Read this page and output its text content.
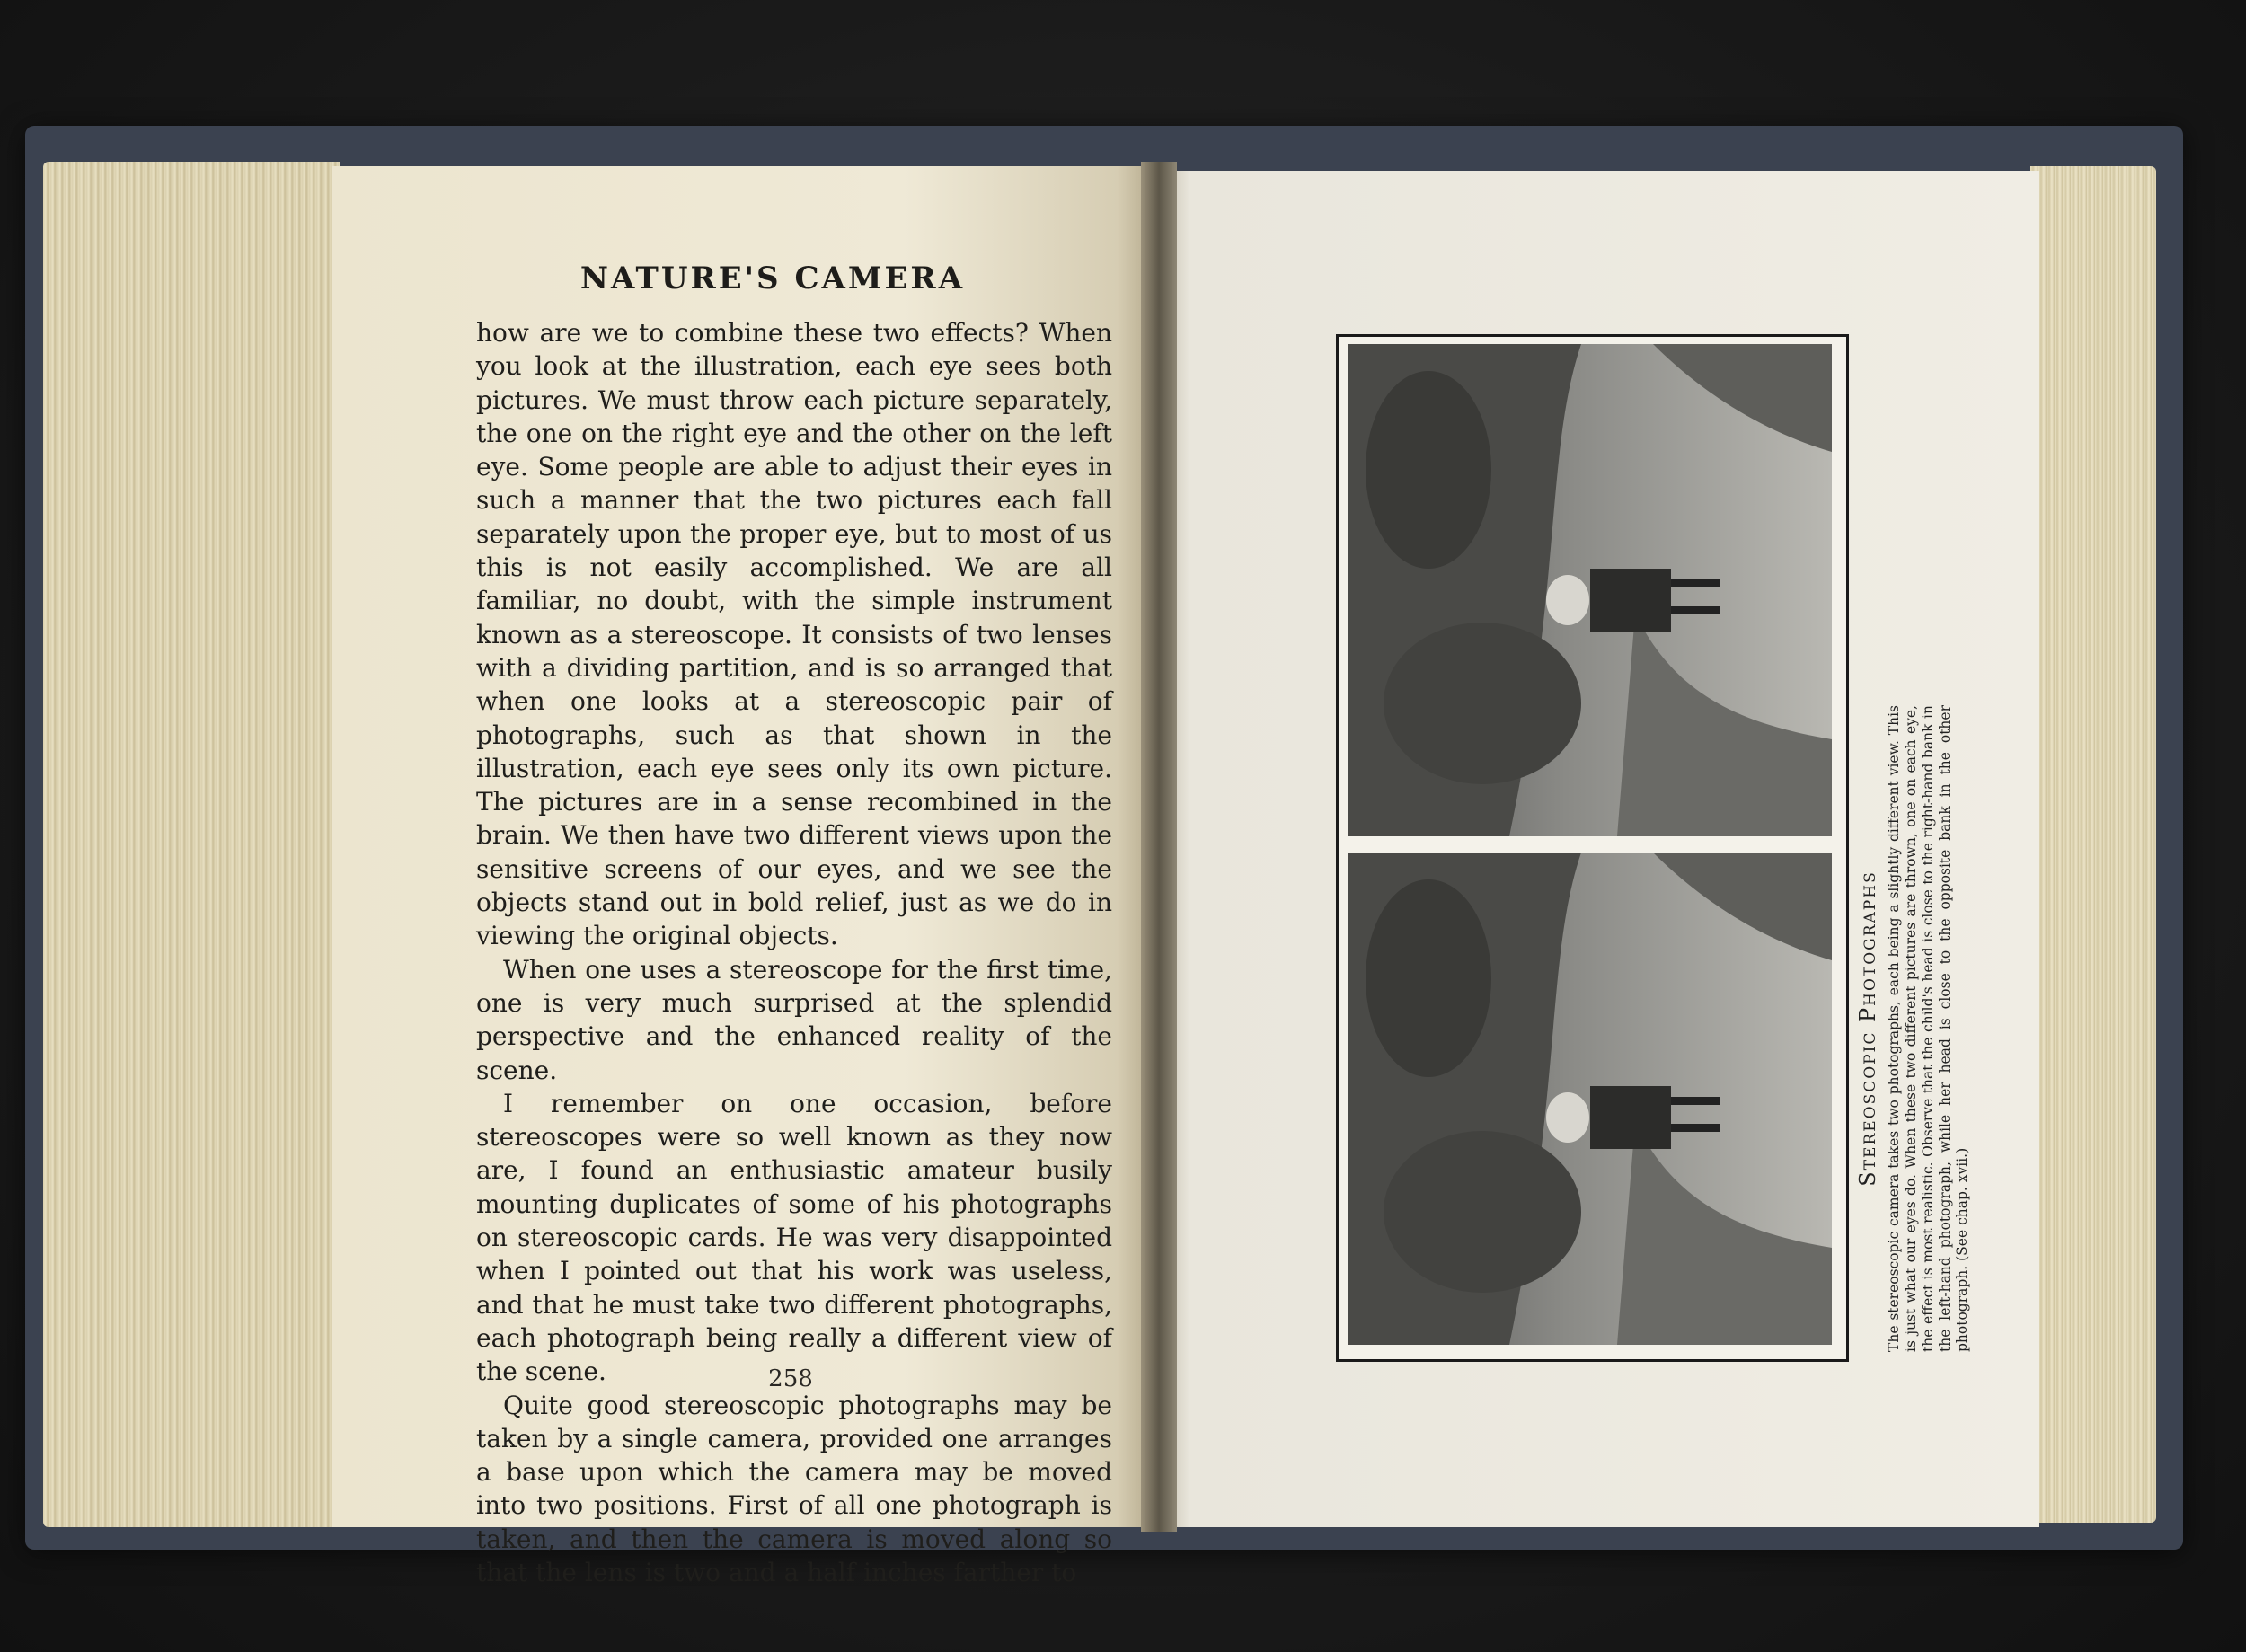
NATURE'S CAMERA

how are we to combine these two effects? When you look at the illustration, each eye sees both pictures. We must throw each picture separately, the one on the right eye and the other on the left eye. Some people are able to adjust their eyes in such a manner that the two pictures each fall separately upon the proper eye, but to most of us this is not easily accomplished. We are all familiar, no doubt, with the simple instrument known as a stereoscope. It consists of two lenses with a dividing partition, and is so arranged that when one looks at a stereoscopic pair of photographs, such as that shown in the illustration, each eye sees only its own picture. The pictures are in a sense recombined in the brain. We then have two different views upon the sensitive screens of our eyes, and we see the objects stand out in bold relief, just as we do in viewing the original objects.

When one uses a stereoscope for the first time, one is very much surprised at the splendid perspective and the enhanced reality of the scene.

I remember on one occasion, before stereoscopes were so well known as they now are, I found an enthusiastic amateur busily mounting duplicates of some of his photographs on stereoscopic cards. He was very disappointed when I pointed out that his work was useless, and that he must take two different photographs, each photograph being really a different view of the scene.

Quite good stereoscopic photographs may be taken by a single camera, provided one arranges a base upon which the camera may be moved into two positions. First of all one photograph is taken, and then the camera is moved along so that the lens is two and a half inches farther to

258
Stereoscopic Photographs The stereoscopic camera takes two photographs, each being a slightly different view. This is just what our eyes do. When these two different pictures are thrown, one on each eye, the effect is most realistic. Observe that the child's head is close to the right-hand bank in the left-hand photograph, while her head is close to the opposite bank in the other photograph. (See chap. xvii.)
